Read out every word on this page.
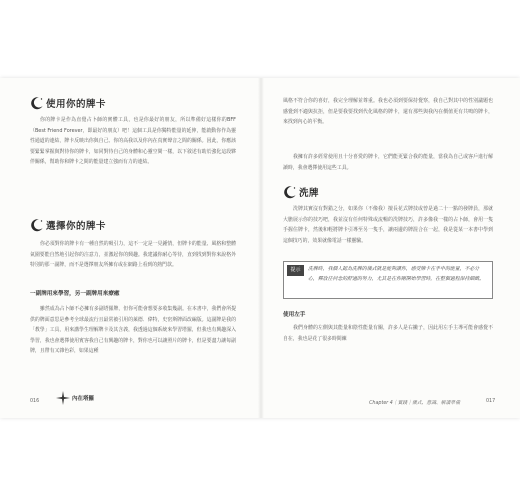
使用你的牌卡

你的牌卡是作為直覺占卜師的實體工具，也是你最好的朋友，所以準備好這樣你的BFF（Best Friend Forever，即最好的朋友）吧！這個工具是你獨特能量的延伸，能啟動你作為靈性通道的連結，牌卡反映出你與自己、你的高我以及你內在真實聲音之間的關係。因此，你應該要緊緊掌握與對待你的牌卡，如同對待自己的身體和心靈空間一樣，以下敘述有助於強化這段夥伴關係，幫助你和牌卡之間的能量建立強而有力的連結。

選擇你的牌卡

你必須對你的牌卡有一種自然的吸引力，這不一定是一見鍾情，但牌卡的能量、風格和整體氣圍要能自然地引起你的注意力，並激起你的興趣。我建議你耐心等待，直到找到對你來說格外特別的那一副牌，而不是選擇朋友所擁有或在網路上看到的熱門款。

一副牌用來學習，另一副牌用來療癒

雖然成為占卜師不必擁有多副塔羅牌，但你可能會想要多收集幾副。在本書中，我們會所提供的牌面意思是參考全球最流行且最常被引用的萊德．偉特，史密斯牌面改編版。這副牌是我的「教學」工具，用來講學生理解牌卡及其含義，我透過這個系統來學習塔羅，但我也有興趣深入學習，我也會選擇使用賓客我自己有興趣的牌卡，對你也可以讓照片的牌卡，但是要盡力讓每副牌，且帶有又雜色彩，如果這種

016	內在塔羅

風格不符合你的喜好，我完全理解並尊重。我也必須到要保持覺察，我自己對其中的性別議題也感覺到不適與抗拒，但是要我要找到代化風格的牌卡，還有那些與我內在價值更有共鳴的牌卡，來找到內心的平衡。

我擁有許多經常使用且十分喜愛的牌卡，它們能更緊合我的能量，當我為自己或客戶進行解讀時，我會選擇使用這些工具。

洗牌

洗牌其實沒有對錯之分，如果你（不像我）擅長花式牌技或曾是過二十一點的發牌員，那就大膽展示你的技巧吧，我並沒有任何特殊或流暢的洗牌技巧，許多像我一樣的占卜師，會用一隻手握住牌卡，然後和輕將牌卡引導至另一隻手，讓兩邊的牌混合在一起，我是從某一本書中學到這個技巧的，效果就像電話一樣靈驗。

提示	洗牌時，我個人認為洗牌的儀式就是能夠讓你，感受牌卡在手中的能量，不必分心，釋放任何念的舒適的努力，尤其是在你剛開始學習時，在整個過程保持細緻。

使用左手

我們身體的左側與其能量和陰性能量有關，許多人是右撇子，因此用左手主導可能會感覺不自在，我也是花了很多時間練

Chapter 4｜實踐｜儀式、意識、解讀準備	017
